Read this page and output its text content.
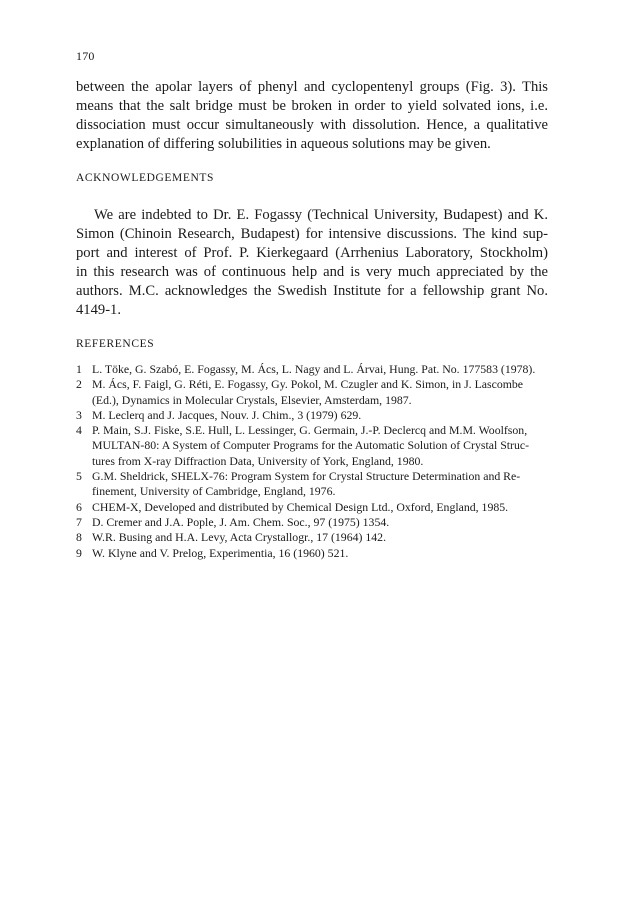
170

between the apolar layers of phenyl and cyclopentenyl groups (Fig. 3). This
means that the salt bridge must be broken in order to yield solvated ions, i.e.
dissociation must occur simultaneously with dissolution. Hence, a qualitative
explanation of differing solubilities in aqueous solutions may be given.

ACKNOWLEDGEMENTS

We are indebted to Dr. E. Fogassy (Technical University, Budapest) and K.
Simon (Chinoin Research, Budapest) for intensive discussions. The kind sup-
port and interest of Prof. P. Kierkegaard (Arrhenius Laboratory, Stockholm)
in this research was of continuous help and is very much appreciated by the
authors. M.C. acknowledges the Swedish Institute for a fellowship grant No.
4149-1.

REFERENCES
1 L. Töke, G. Szabó, E. Fogassy, M. Ács, L. Nagy and L. Árvai, Hung. Pat. No. 177583 (1978).
2 M. Ács, F. Faigl, G. Réti, E. Fogassy, Gy. Pokol, M. Czugler and K. Simon, in J. Lascombe
(Ed.), Dynamics in Molecular Crystals, Elsevier, Amsterdam, 1987.
3 M. Leclerq and J. Jacques, Nouv. J. Chim., 3 (1979) 629.
4 P. Main, S.J. Fiske, S.E. Hull, L. Lessinger, G. Germain, J.-P. Declercq and M.M. Woolfson,
MULTAN-80: A System of Computer Programs for the Automatic Solution of Crystal Struc-
tures from X-ray Diffraction Data, University of York, England, 1980.
5 G.M. Sheldrick, SHELX-76: Program System for Crystal Structure Determination and Re-
finement, University of Cambridge, England, 1976.
6 CHEM-X, Developed and distributed by Chemical Design Ltd., Oxford, England, 1985.
7 D. Cremer and J.A. Pople, J. Am. Chem. Soc., 97 (1975) 1354.
8 W.R. Busing and H.A. Levy, Acta Crystallogr., 17 (1964) 142.
9 W. Klyne and V. Prelog, Experimentia, 16 (1960) 521.
